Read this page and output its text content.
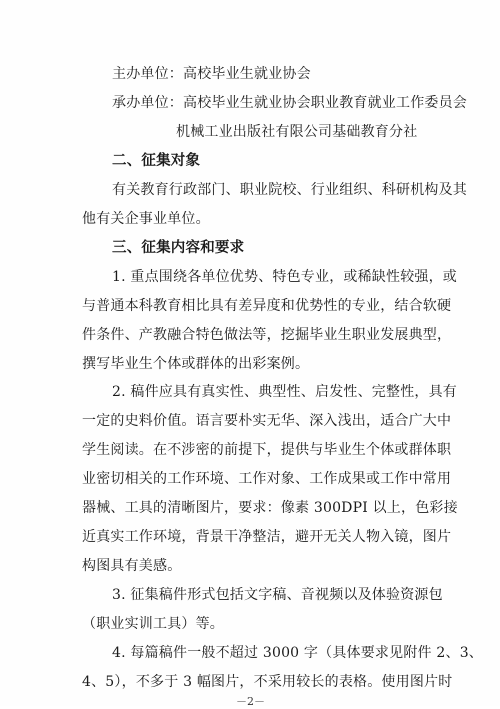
主办单位：高校毕业生就业协会
承办单位：高校毕业生就业协会职业教育就业工作委员会
机械工业出版社有限公司基础教育分社
二、征集对象
有关教育行政部门、职业院校、行业组织、科研机构及其
他有关企事业单位。
三、征集内容和要求
1. 重点围绕各单位优势、特色专业，或稀缺性较强，或
与普通本科教育相比具有差异度和优势性的专业，结合软硬
件条件、产教融合特色做法等，挖掘毕业生职业发展典型，
撰写毕业生个体或群体的出彩案例。
2. 稿件应具有真实性、典型性、启发性、完整性，具有
一定的史料价值。语言要朴实无华、深入浅出，适合广大中
学生阅读。在不涉密的前提下，提供与毕业生个体或群体职
业密切相关的工作环境、工作对象、工作成果或工作中常用
器械、工具的清晰图片，要求：像素 300DPI 以上，色彩接
近真实工作环境，背景干净整洁，避开无关人物入镜，图片
构图具有美感。
3. 征集稿件形式包括文字稿、音视频以及体验资源包
（职业实训工具）等。
4. 每篇稿件一般不超过 3000 字（具体要求见附件 2、3、
4、5），不多于 3 幅图片，不采用较长的表格。使用图片时
－2－
